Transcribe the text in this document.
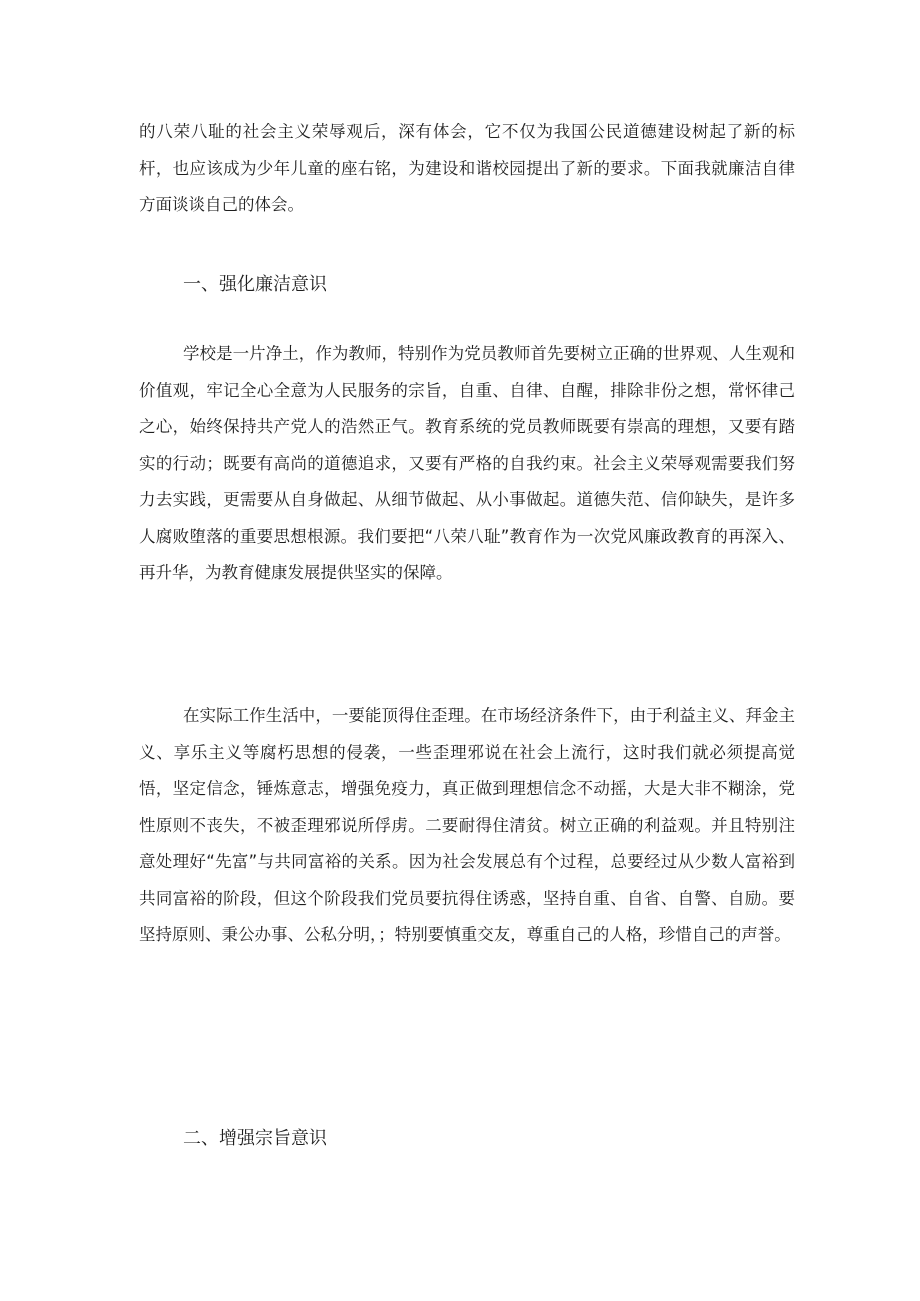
的八荣八耻的社会主义荣辱观后，深有体会，它不仅为我国公民道德建设树起了新的标杆，也应该成为少年儿童的座右铭，为建设和谐校园提出了新的要求。下面我就廉洁自律方面谈谈自己的体会。

一、强化廉洁意识

学校是一片净土，作为教师，特别作为党员教师首先要树立正确的世界观、人生观和价值观，牢记全心全意为人民服务的宗旨，自重、自律、自醒，排除非份之想，常怀律己之心，始终保持共产党人的浩然正气。教育系统的党员教师既要有崇高的理想，又要有踏实的行动；既要有高尚的道德追求，又要有严格的自我约束。社会主义荣辱观需要我们努力去实践，更需要从自身做起、从细节做起、从小事做起。道德失范、信仰缺失，是许多人腐败堕落的重要思想根源。我们要把“八荣八耻”教育作为一次党风廉政教育的再深入、再升华，为教育健康发展提供坚实的保障。

在实际工作生活中，一要能顶得住歪理。在市场经济条件下，由于利益主义、拜金主义、享乐主义等腐朽思想的侵袭，一些歪理邪说在社会上流行，这时我们就必须提高觉悟，坚定信念，锤炼意志，增强免疫力，真正做到理想信念不动摇，大是大非不糊涂，党性原则不丧失，不被歪理邪说所俘虏。二要耐得住清贫。树立正确的利益观。并且特别注意处理好“先富”与共同富裕的关系。因为社会发展总有个过程，总要经过从少数人富裕到共同富裕的阶段，但这个阶段我们党员要抗得住诱惑，坚持自重、自省、自警、自励。要坚持原则、秉公办事、公私分明，；特别要慎重交友，尊重自己的人格，珍惜自己的声誉。

二、增强宗旨意识
